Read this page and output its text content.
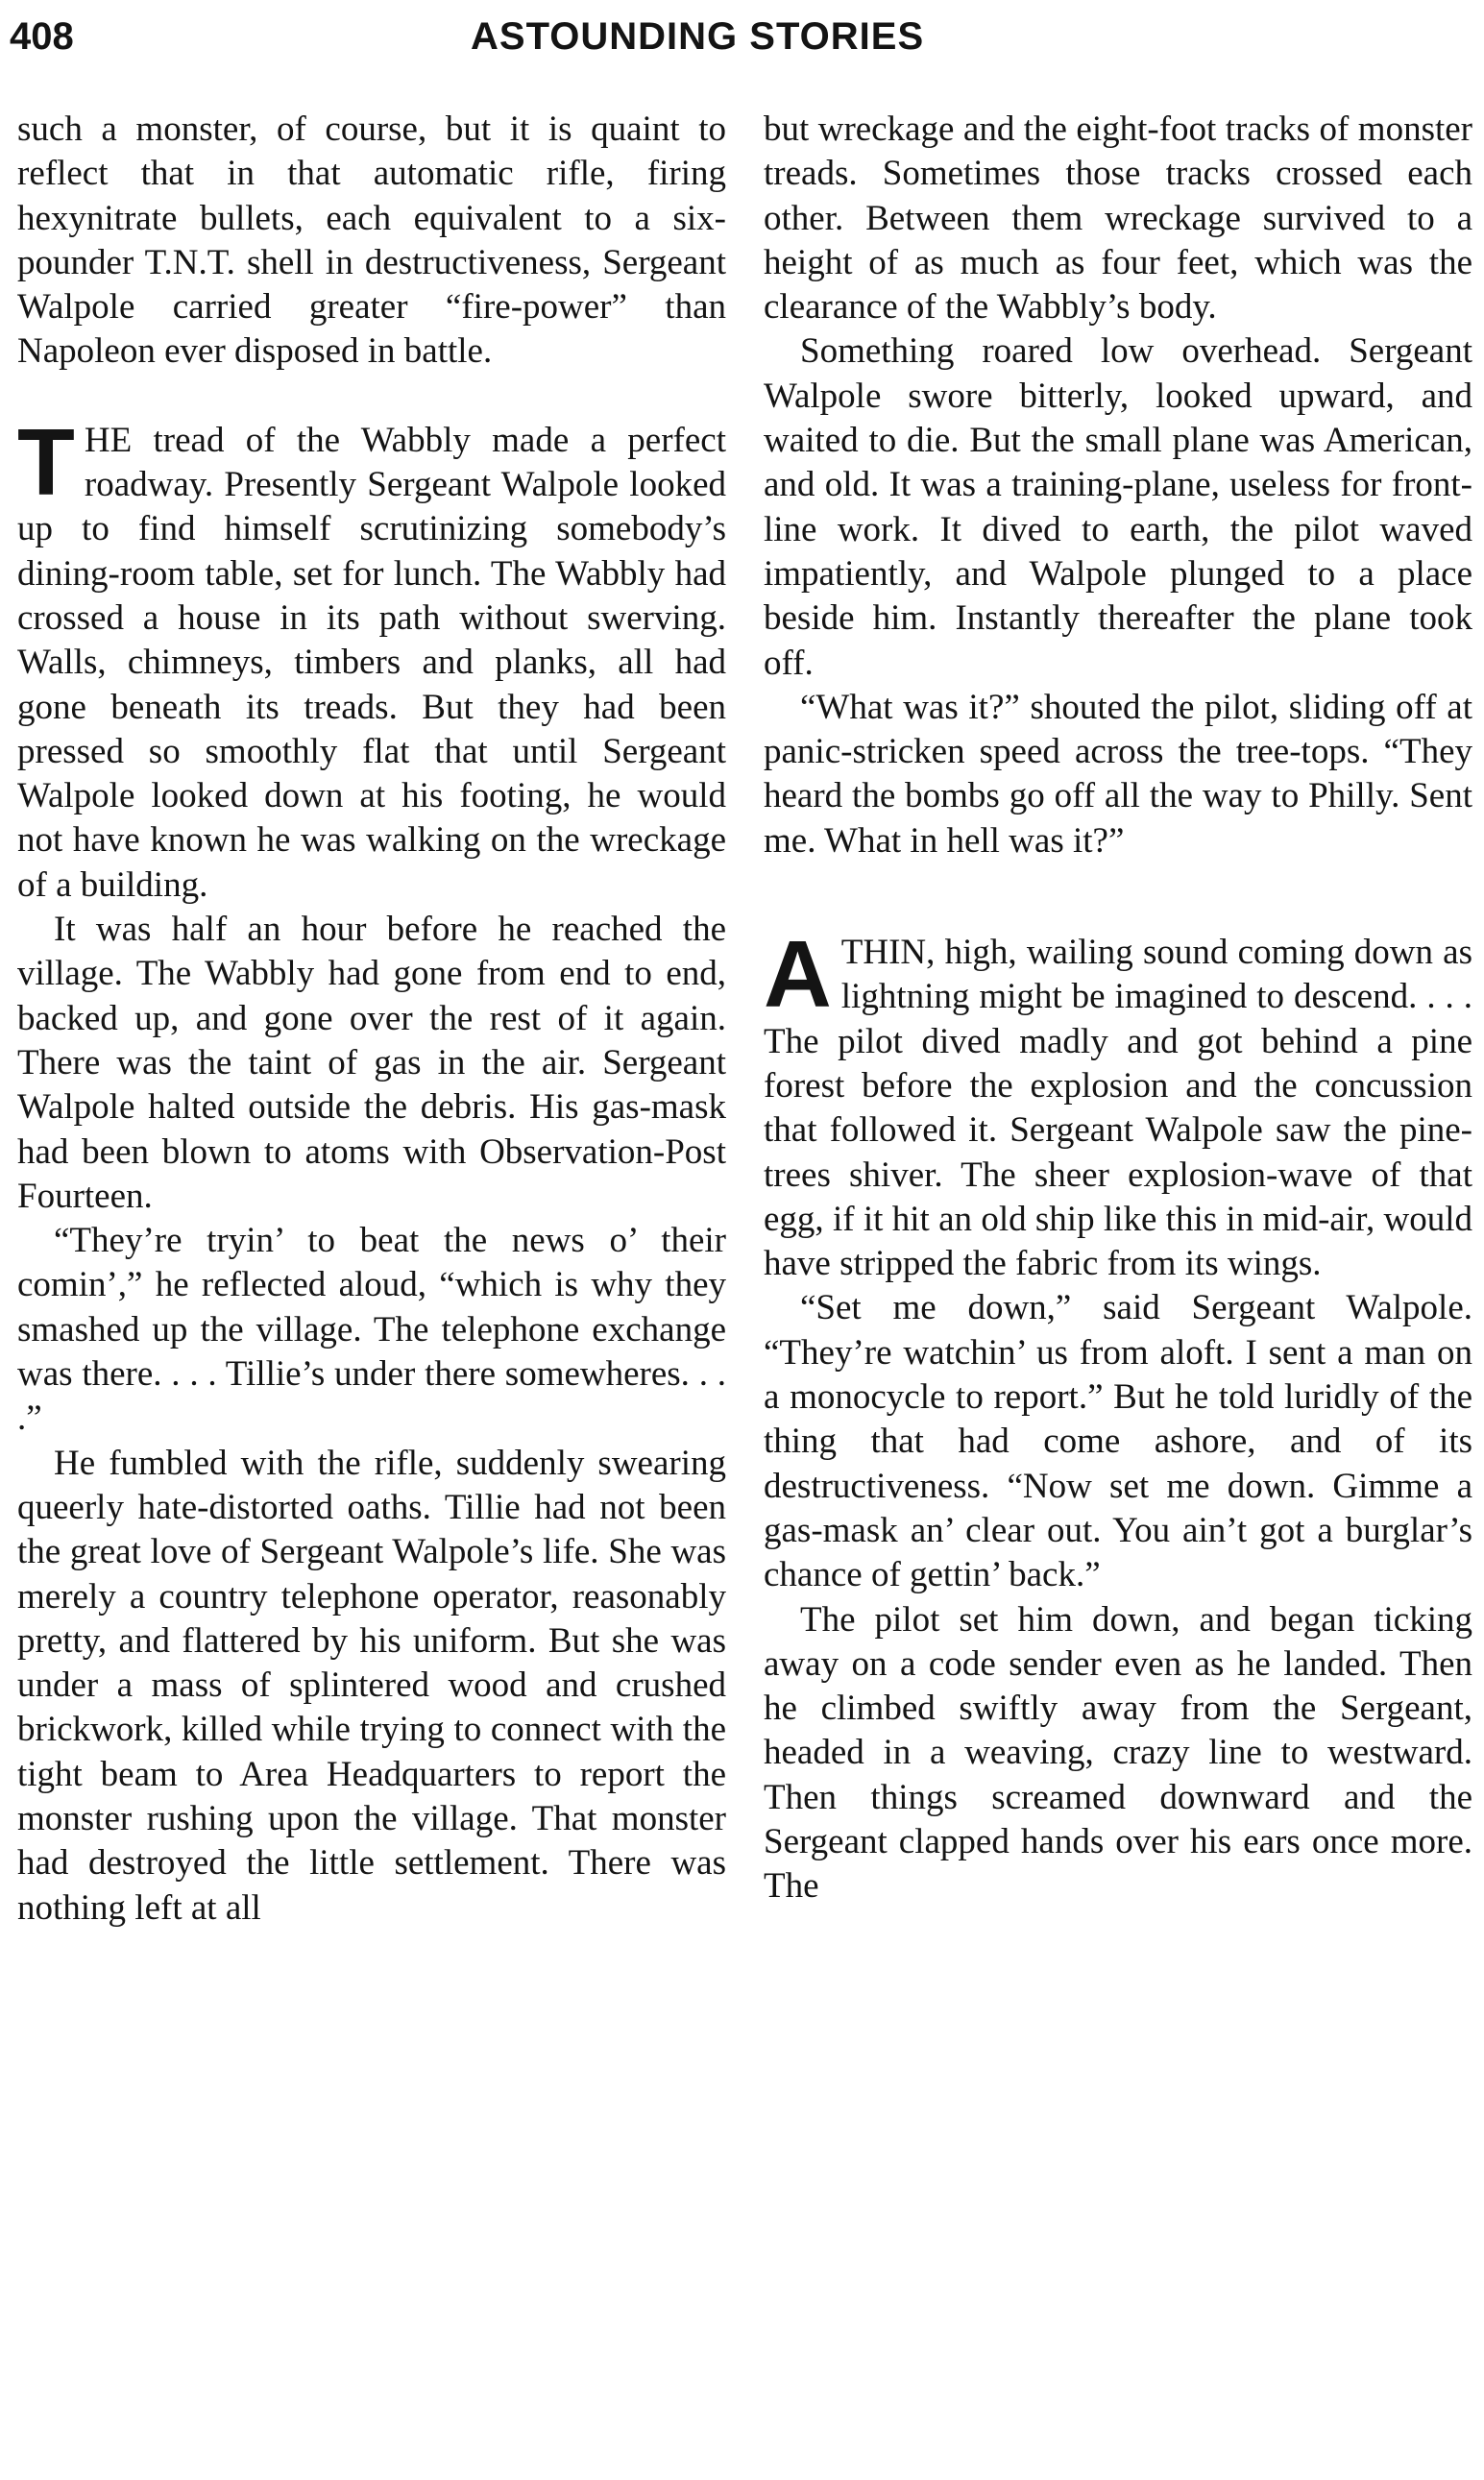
408	ASTOUNDING STORIES

such a monster, of course, but it is quaint to reflect that in that automatic rifle, firing hexynitrate bullets, each equivalent to a six-pounder T.N.T. shell in destructiveness, Sergeant Walpole carried greater “fire-power” than Napoleon ever disposed in battle.

THE tread of the Wabbly made a perfect roadway. Presently Sergeant Walpole looked up to find himself scrutinizing somebody’s dining-room table, set for lunch. The Wabbly had crossed a house in its path without swerving. Walls, chimneys, timbers and planks, all had gone beneath its treads. But they had been pressed so smoothly flat that until Sergeant Walpole looked down at his footing, he would not have known he was walking on the wreckage of a building.

It was half an hour before he reached the village. The Wabbly had gone from end to end, backed up, and gone over the rest of it again. There was the taint of gas in the air. Sergeant Walpole halted outside the debris. His gas-mask had been blown to atoms with Observation-Post Fourteen.

“They’re tryin’ to beat the news o’ their comin’,” he reflected aloud, “which is why they smashed up the village. The telephone exchange was there. . . . Tillie’s under there somewheres. . . .”

He fumbled with the rifle, suddenly swearing queerly hate-distorted oaths. Tillie had not been the great love of Sergeant Walpole’s life. She was merely a country telephone operator, reasonably pretty, and flattered by his uniform. But she was under a mass of splintered wood and crushed brickwork, killed while trying to connect with the tight beam to Area Headquarters to report the monster rushing upon the village. That monster had destroyed the little settlement. There was nothing left at all

but wreckage and the eight-foot tracks of monster treads. Sometimes those tracks crossed each other. Between them wreckage survived to a height of as much as four feet, which was the clearance of the Wabbly’s body.

Something roared low overhead. Sergeant Walpole swore bitterly, looked upward, and waited to die. But the small plane was American, and old. It was a training-plane, useless for front-line work. It dived to earth, the pilot waved impatiently, and Walpole plunged to a place beside him. Instantly thereafter the plane took off.

“What was it?” shouted the pilot, sliding off at panic-stricken speed across the tree-tops. “They heard the bombs go off all the way to Philly. Sent me. What in hell was it?”

ATHIN, high, wailing sound coming down as lightning might be imagined to descend. . . . The pilot dived madly and got behind a pine forest before the explosion and the concussion that followed it. Sergeant Walpole saw the pine-trees shiver. The sheer explosion-wave of that egg, if it hit an old ship like this in mid-air, would have stripped the fabric from its wings.

“Set me down,” said Sergeant Walpole. “They’re watchin’ us from aloft. I sent a man on a monocycle to report.” But he told luridly of the thing that had come ashore, and of its destructiveness. “Now set me down. Gimme a gas-mask an’ clear out. You ain’t got a burglar’s chance of gettin’ back.”

The pilot set him down, and began ticking away on a code sender even as he landed. Then he climbed swiftly away from the Sergeant, headed in a weaving, crazy line to westward. Then things screamed downward and the Sergeant clapped hands over his ears once more. The
